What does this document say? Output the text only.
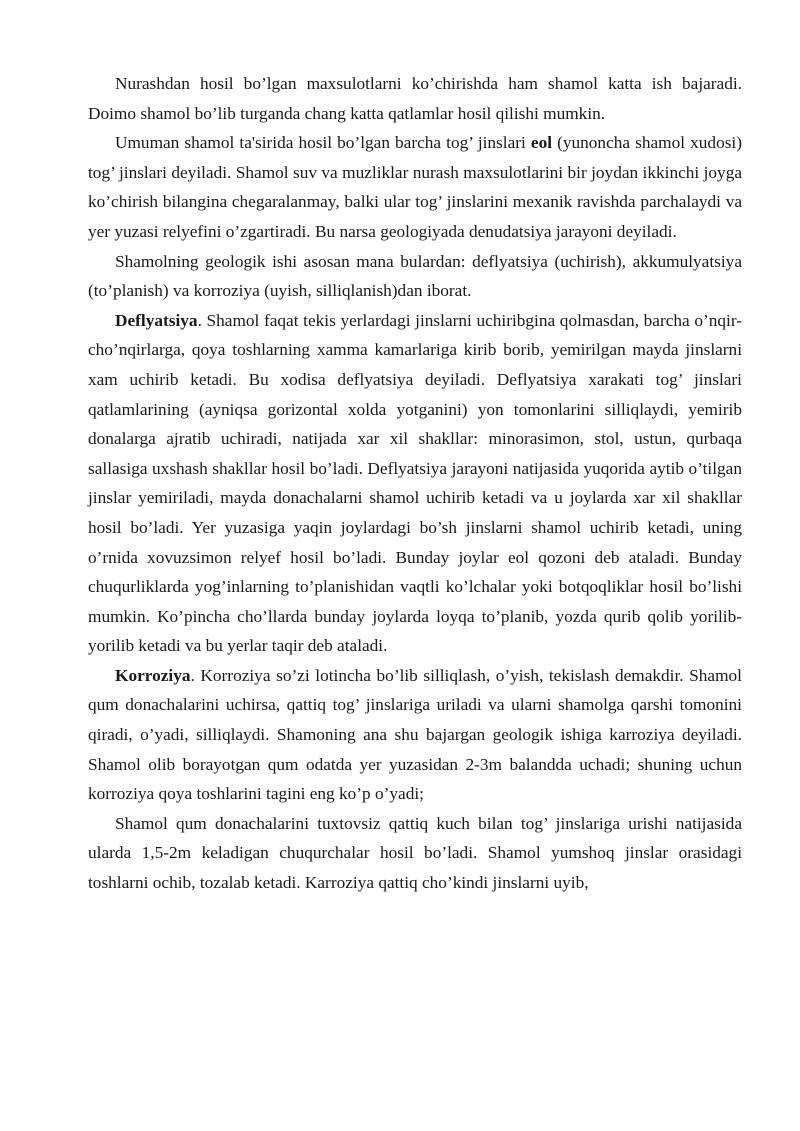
Nurashdan hosil bo’lgan maxsulotlarni ko’chirishda ham shamol katta ish bajaradi. Doimo shamol bo’lib turganda chang katta qatlamlar hosil qilishi mumkin.

Umuman shamol ta'sirida hosil bo’lgan barcha tog’ jinslari eol (yunoncha shamol xudosi) tog’ jinslari deyiladi. Shamol suv va muzliklar nurash maxsulotlarini bir joydan ikkinchi joyga ko’chirish bilangina chegaralanmay, balki ular tog’ jinslarini mexanik ravishda parchalaydi va yer yuzasi relyefini o’zgartiradi. Bu narsa geologiyada denudatsiya jarayoni deyiladi.

Shamolning geologik ishi asosan mana bulardan: deflyatsiya (uchirish), akkumulyatsiya (to’planish) va korroziya (uyish, silliqlanish)dan iborat.

Deflyatsiya. Shamol faqat tekis yerlardagi jinslarni uchiribgina qolmasdan, barcha o’nqir-cho’nqirlarga, qoya toshlarning xamma kamarlariga kirib borib, yemirilgan mayda jinslarni xam uchirib ketadi. Bu xodisa deflyatsiya deyiladi. Deflyatsiya xarakati tog’ jinslari qatlamlarining (ayniqsa gorizontal xolda yotganini) yon tomonlarini silliqlaydi, yemirib donalarga ajratib uchiradi, natijada xar xil shakllar: minorasimon, stol, ustun, qurbaqa sallasiga uxshash shakllar hosil bo’ladi. Deflyatsiya jarayoni natijasida yuqorida aytib o’tilgan jinslar yemiriladi, mayda donachalarni shamol uchirib ketadi va u joylarda xar xil shakllar hosil bo’ladi. Yer yuzasiga yaqin joylardagi bo’sh jinslarni shamol uchirib ketadi, uning o’rnida xovuzsimon relyef hosil bo’ladi. Bunday joylar eol qozoni deb ataladi. Bunday chuqurliklarda yog’inlarning to’planishidan vaqtli ko’lchalar yoki botqoqliklar hosil bo’lishi mumkin. Ko’pincha cho’llarda bunday joylarda loyqa to’planib, yozda qurib qolib yorilib-yorilib ketadi va bu yerlar taqir deb ataladi.

Korroziya. Korroziya so’zi lotincha bo’lib silliqlash, o’yish, tekislash demakdir. Shamol qum donachalarini uchirsa, qattiq tog’ jinslariga uriladi va ularni shamolga qarshi tomonini qiradi, o’yadi, silliqlaydi. Shamoning ana shu bajargan geologik ishiga karroziya deyiladi. Shamol olib borayotgan qum odatda yer yuzasidan 2-3m balandda uchadi; shuning uchun korroziya qoya toshlarini tagini eng ko’p o’yadi;

Shamol qum donachalarini tuxtovsiz qattiq kuch bilan tog’ jinslariga urishi natijasida ularda 1,5-2m keladigan chuqurchalar hosil bo’ladi. Shamol yumshoq jinslar orasidagi toshlarni ochib, tozalab ketadi. Karroziya qattiq cho’kindi jinslarni uyib,
